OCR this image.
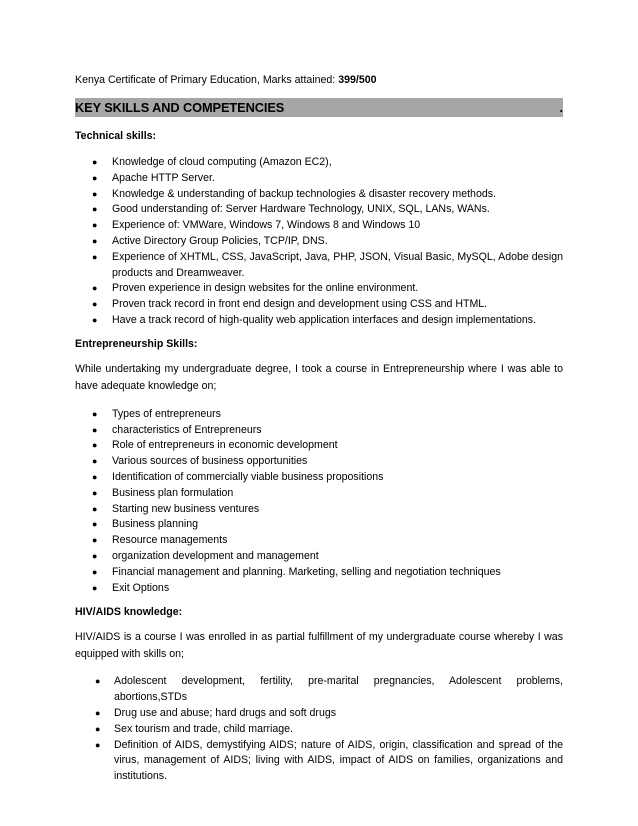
Kenya Certificate of Primary Education, Marks attained: 399/500

KEY SKILLS AND COMPETENCIES	.

Technical skills:

● Knowledge of cloud computing (Amazon EC2),
● Apache HTTP Server.
● Knowledge & understanding of backup technologies & disaster recovery methods.
● Good understanding of: Server Hardware Technology, UNIX, SQL, LANs, WANs.
● Experience of: VMWare, Windows 7, Windows 8 and Windows 10
● Active Directory Group Policies, TCP/IP, DNS.
● Experience of XHTML, CSS, JavaScript, Java, PHP, JSON, Visual Basic, MySQL, Adobe design products and Dreamweaver.
● Proven experience in design websites for the online environment.
● Proven track record in front end design and development using CSS and HTML.
● Have a track record of high-quality web application interfaces and design implementations.

Entrepreneurship Skills:

While undertaking my undergraduate degree, I took a course in Entrepreneurship where I was able to have adequate knowledge on;

● Types of entrepreneurs
● characteristics of Entrepreneurs
● Role of entrepreneurs in economic development
● Various sources of business opportunities
● Identification of commercially viable business propositions
● Business plan formulation
● Starting new business ventures
● Business planning
● Resource managements
● organization development and management
● Financial management and planning. Marketing, selling and negotiation techniques
● Exit Options

HIV/AIDS knowledge:

HIV/AIDS is a course I was enrolled in as partial fulfillment of my undergraduate course whereby I was equipped with skills on;

● Adolescent development, fertility, pre-marital pregnancies, Adolescent problems, abortions,STDs
● Drug use and abuse; hard drugs and soft drugs
● Sex tourism and trade, child marriage.
● Definition of AIDS, demystifying AIDS; nature of AIDS, origin, classification and spread of the virus, management of AIDS; living with AIDS, impact of AIDS on families, organizations and institutions.
